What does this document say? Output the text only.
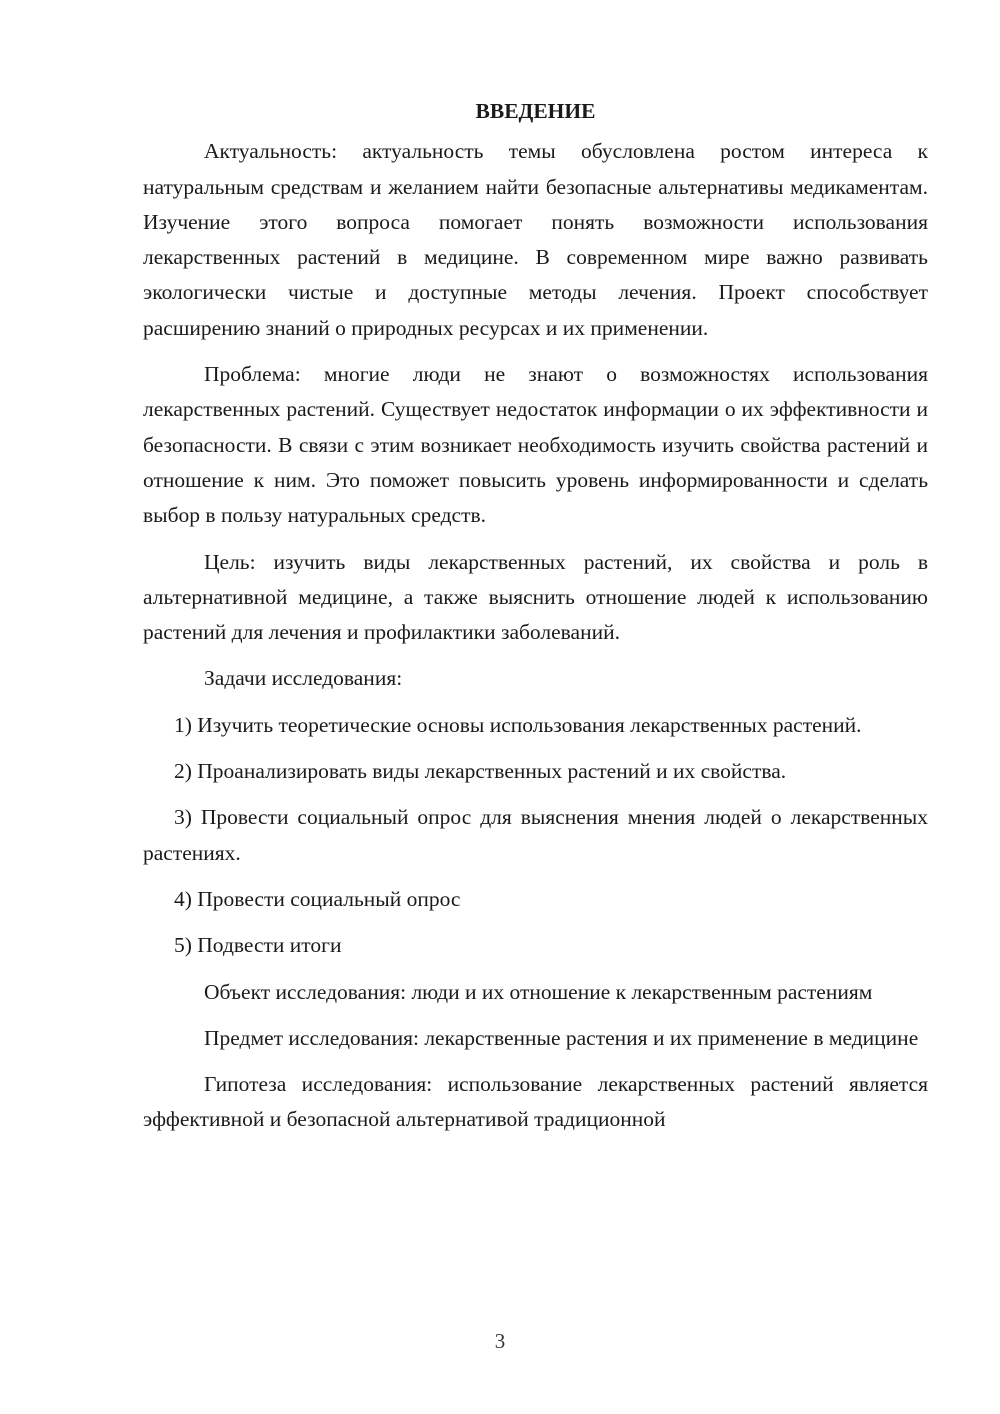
ВВЕДЕНИЕ

Актуальность: актуальность темы обусловлена ростом интереса к натуральным средствам и желанием найти безопасные альтернативы медикаментам. Изучение этого вопроса помогает понять возможности использования лекарственных растений в медицине. В современном мире важно развивать экологически чистые и доступные методы лечения. Проект способствует расширению знаний о природных ресурсах и их применении.

Проблема: многие люди не знают о возможностях использования лекарственных растений. Существует недостаток информации о их эффективности и безопасности. В связи с этим возникает необходимость изучить свойства растений и отношение к ним. Это поможет повысить уровень информированности и сделать выбор в пользу натуральных средств.

Цель: изучить виды лекарственных растений, их свойства и роль в альтернативной медицине, а также выяснить отношение людей к использованию растений для лечения и профилактики заболеваний.

Задачи исследования:

1) Изучить теоретические основы использования лекарственных растений.

2) Проанализировать виды лекарственных растений и их свойства.

3) Провести социальный опрос для выяснения мнения людей о лекарственных растениях.

4) Провести социальный опрос

5) Подвести итоги

Объект исследования: люди и их отношение к лекарственным растениям

Предмет исследования: лекарственные растения и их применение в медицине

Гипотеза исследования: использование лекарственных растений является эффективной и безопасной альтернативой традиционной

3
